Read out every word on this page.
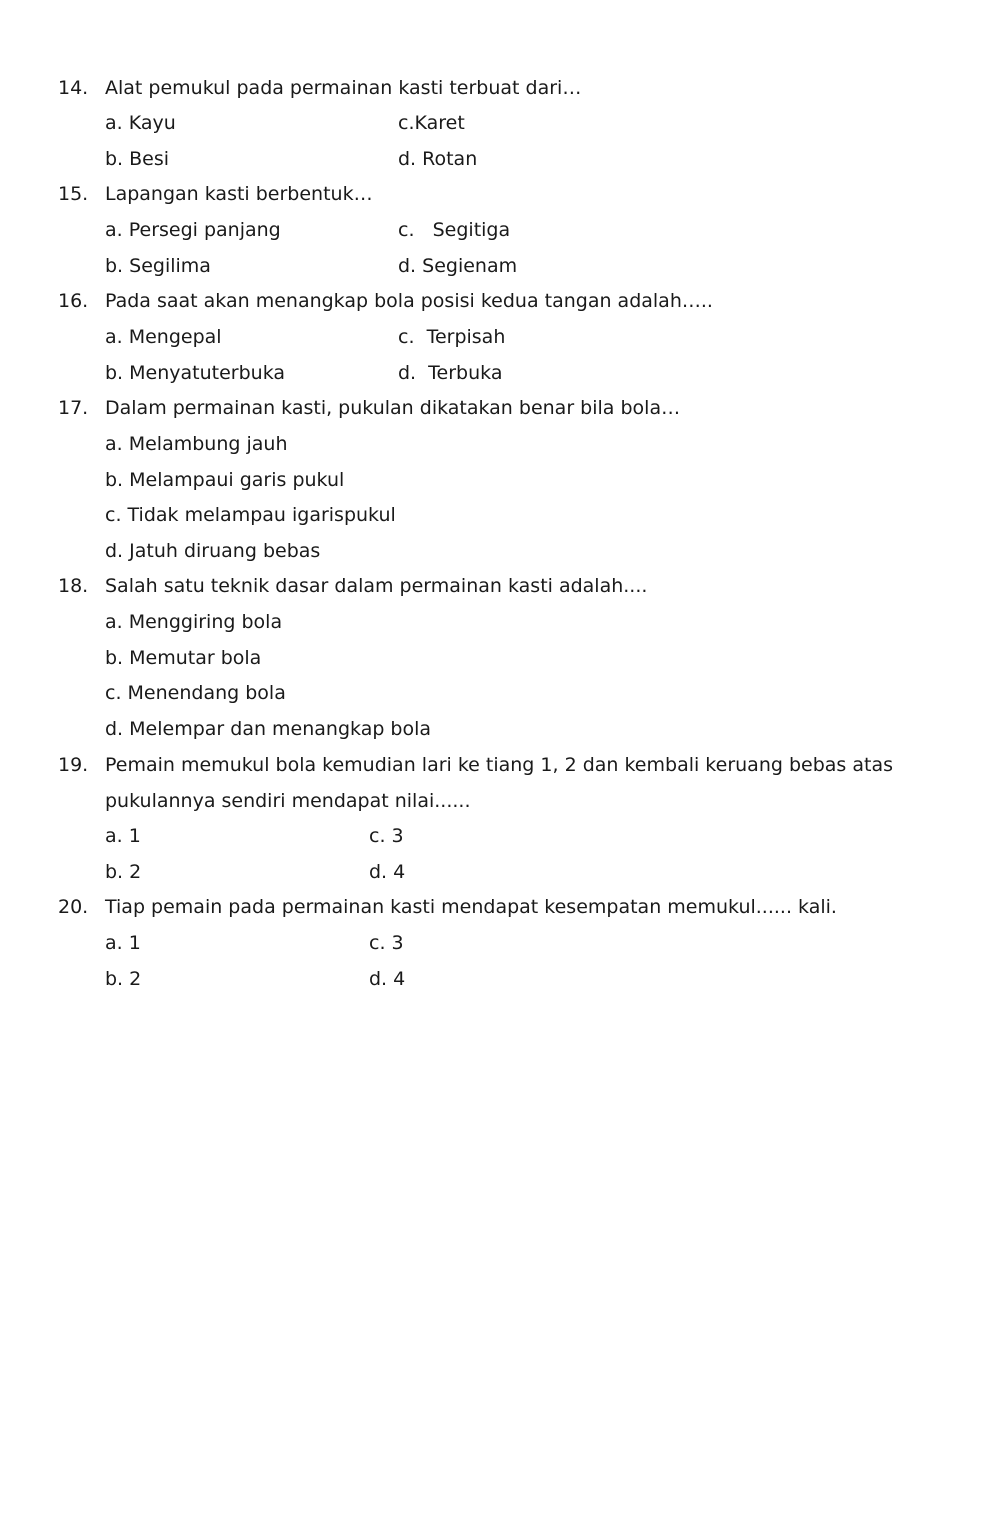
14. Alat pemukul pada permainan kasti terbuat dari…
a. Kayu	c.Karet
b. Besi	d. Rotan
15. Lapangan kasti berbentuk…
a. Persegi panjang	c.   Segitiga
b. Segilima	d. Segienam
16. Pada saat akan menangkap bola posisi kedua tangan adalah…..
a. Mengepal	c.  Terpisah
b. Menyatuterbuka	d.  Terbuka
17. Dalam permainan kasti, pukulan dikatakan benar bila bola…
a. Melambung jauh
b. Melampaui garis pukul
c. Tidak melampau igarispukul
d. Jatuh diruang bebas
18. Salah satu teknik dasar dalam permainan kasti adalah....
a. Menggiring bola
b. Memutar bola
c. Menendang bola
d. Melempar dan menangkap bola
19. Pemain memukul bola kemudian lari ke tiang 1, 2 dan kembali keruang bebas atas
pukulannya sendiri mendapat nilai......
a. 1	c. 3
b. 2	d. 4
20. Tiap pemain pada permainan kasti mendapat kesempatan memukul...... kali.
a. 1	c. 3
b. 2	d. 4
